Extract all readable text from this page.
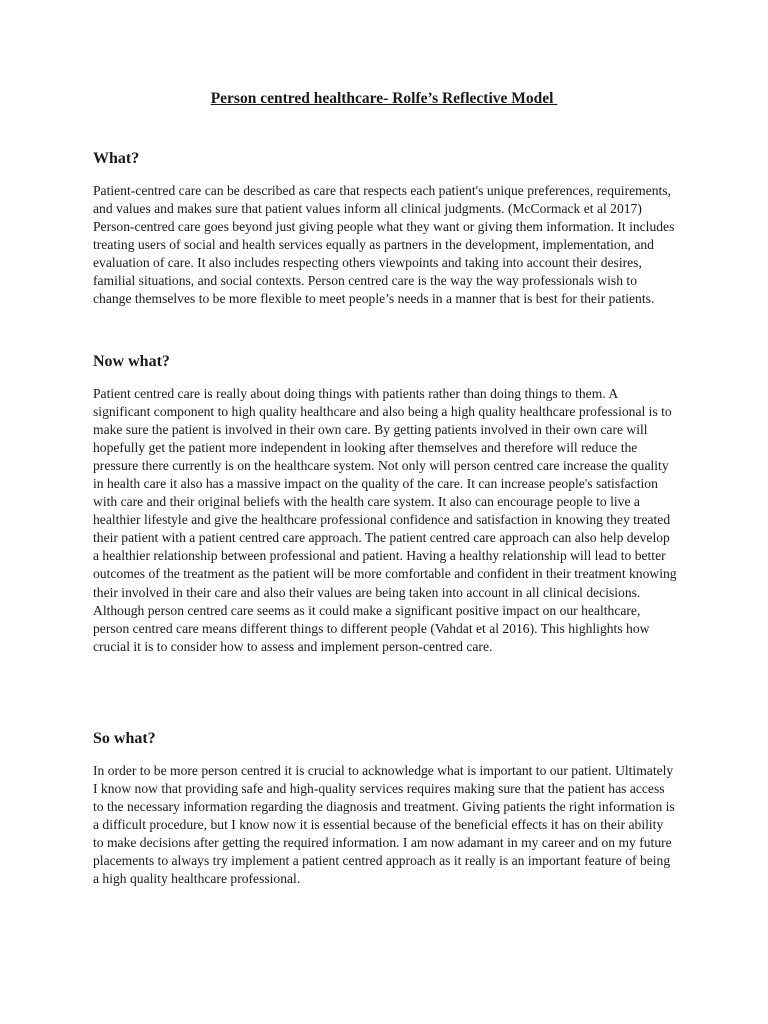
Person centred healthcare- Rolfe’s Reflective Model
What?

Patient-centred care can be described as care that respects each patient's unique preferences, requirements, and values and makes sure that patient values inform all clinical judgments. (McCormack et al 2017) Person-centred care goes beyond just giving people what they want or giving them information. It includes treating users of social and health services equally as partners in the development, implementation, and evaluation of care. It also includes respecting others viewpoints and taking into account their desires, familial situations, and social contexts. Person centred care is the way the way professionals wish to change themselves to be more flexible to meet people’s needs in a manner that is best for their patients.

Now what?

Patient centred care is really about doing things with patients rather than doing things to them. A significant component to high quality healthcare and also being a high quality healthcare professional is to make sure the patient is involved in their own care. By getting patients involved in their own care will hopefully get the patient more independent in looking after themselves and therefore will reduce the pressure there currently is on the healthcare system. Not only will person centred care increase the quality in health care it also has a massive impact on the quality of the care. It can increase people's satisfaction with care and their original beliefs with the health care system. It also can encourage people to live a healthier lifestyle and give the healthcare professional confidence and satisfaction in knowing they treated their patient with a patient centred care approach. The patient centred care approach can also help develop a healthier relationship between professional and patient. Having a healthy relationship will lead to better outcomes of the treatment as the patient will be more comfortable and confident in their treatment knowing their involved in their care and also their values are being taken into account in all clinical decisions. Although person centred care seems as it could make a significant positive impact on our healthcare, person centred care means different things to different people (Vahdat et al 2016). This highlights how crucial it is to consider how to assess and implement person-centred care.

So what?

In order to be more person centred it is crucial to acknowledge what is important to our patient. Ultimately I know now that providing safe and high-quality services requires making sure that the patient has access to the necessary information regarding the diagnosis and treatment. Giving patients the right information is a difficult procedure, but I know now it is essential because of the beneficial effects it has on their ability to make decisions after getting the required information. I am now adamant in my career and on my future placements to always try implement a patient centred approach as it really is an important feature of being a high quality healthcare professional.
